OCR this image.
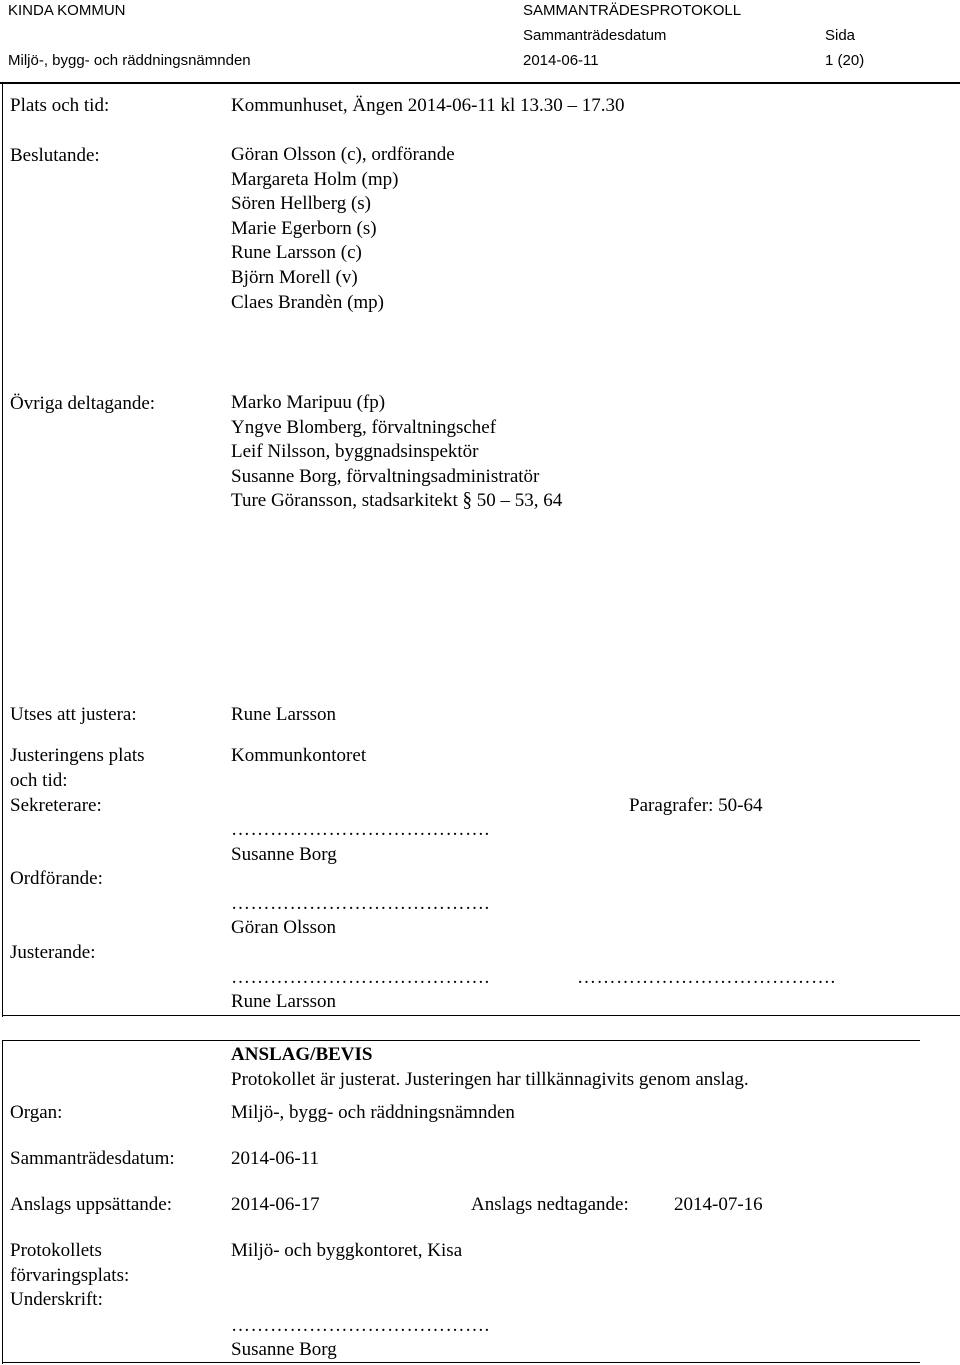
KINDA KOMMUN
Miljö-, bygg- och räddningsnämnden
SAMMANTRÄDESPROTOKOLL
Sammanträdesdatum
2014-06-11
Sida
1 (20)
Plats och tid:	Kommunhuset, Ängen 2014-06-11 kl 13.30 – 17.30
Beslutande:	Göran Olsson (c), ordförande
Margareta Holm (mp)
Sören Hellberg (s)
Marie Egerborn (s)
Rune Larsson (c)
Björn Morell (v)
Claes Brandèn (mp)
Övriga deltagande:	Marko Maripuu (fp)
Yngve Blomberg, förvaltningschef
Leif Nilsson, byggnadsinspektör
Susanne Borg, förvaltningsadministratör
Ture Göransson, stadsarkitekt § 50 – 53, 64
Utses att justera:	Rune Larsson
Justeringens plats
och tid:
Kommunkontoret
Sekreterare:	Paragrafer: 50-64
………………………………….
Susanne Borg
Ordförande:
………………………………….
Göran Olsson
Justerande:
………………………………….	………………………………….
Rune Larsson
ANSLAG/BEVIS
Protokollet är justerat. Justeringen har tillkännagivits genom anslag.
Organ:	Miljö-, bygg- och räddningsnämnden
Sammanträdesdatum:	2014-06-11
Anslags uppsättande:	2014-06-17	Anslags nedtagande: 2014-07-16
Protokollets
förvaringsplats:
Miljö- och byggkontoret, Kisa
Underskrift:
………………………………….
Susanne Borg
